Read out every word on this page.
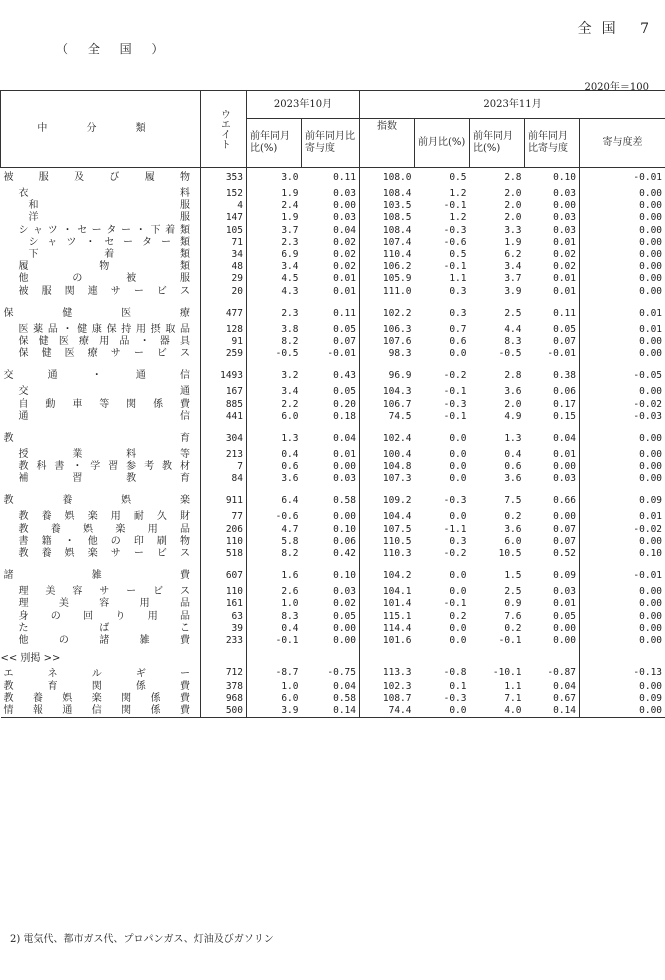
全国 7
（ 全 国 ）
2020年＝100
中 分 類	ウエイト	2023年10月		2023年11月				
		前年同月比(%)	前年同月比寄与度	指数	前月比(%)	前年同月比(%)	前年同月比寄与度	寄与度差
被服及び履物	353	3.0	0.11	108.0	0.5	2.8	0.10	-0.01
衣料	152	1.9	0.03	108.4	1.2	2.0	0.03	0.00
和服	4	2.4	0.00	103.5	-0.1	2.0	0.00	0.00
洋服	147	1.9	0.03	108.5	1.2	2.0	0.03	0.00
シャツ・セーター・下着類	105	3.7	0.04	108.4	-0.3	3.3	0.03	0.00
シャツ・セーター類	71	2.3	0.02	107.4	-0.6	1.9	0.01	0.00
下着類	34	6.9	0.02	110.4	0.5	6.2	0.02	0.00
履物類	48	3.4	0.02	106.2	-0.1	3.4	0.02	0.00
他の被服	29	4.5	0.01	105.9	1.1	3.7	0.01	0.00
被服関連サービス	20	4.3	0.01	111.0	0.3	3.9	0.01	0.00

保健医療	477	2.3	0.11	102.2	0.3	2.5	0.11	0.01
医薬品・健康保持用摂取品	128	3.8	0.05	106.3	0.7	4.4	0.05	0.01
保健医療用品・器具	91	8.2	0.07	107.6	0.6	8.3	0.07	0.00
保健医療サービス	259	-0.5	-0.01	98.3	0.0	-0.5	-0.01	0.00

交通・通信	1493	3.2	0.43	96.9	-0.2	2.8	0.38	-0.05
交通	167	3.4	0.05	104.3	-0.1	3.6	0.06	0.00
自動車等関係費	885	2.2	0.20	106.7	-0.3	2.0	0.17	-0.02
通信	441	6.0	0.18	74.5	-0.1	4.9	0.15	-0.03

教育	304	1.3	0.04	102.4	0.0	1.3	0.04	0.00
授業料等	213	0.4	0.01	100.4	0.0	0.4	0.01	0.00
教科書・学習参考教材	7	0.6	0.00	104.8	0.0	0.6	0.00	0.00
補習教育	84	3.6	0.03	107.3	0.0	3.6	0.03	0.00

教養娯楽	911	6.4	0.58	109.2	-0.3	7.5	0.66	0.09
教養娯楽用耐久財	77	-0.6	0.00	104.4	0.0	0.2	0.00	0.01
教養娯楽用品	206	4.7	0.10	107.5	-1.1	3.6	0.07	-0.02
書籍・他の印刷物	110	5.8	0.06	110.5	0.3	6.0	0.07	0.00
教養娯楽サービス	518	8.2	0.42	110.3	-0.2	10.5	0.52	0.10

諸雑費	607	1.6	0.10	104.2	0.0	1.5	0.09	-0.01
理美容サービス	110	2.6	0.03	104.1	0.0	2.5	0.03	0.00
理美容用品	161	1.0	0.02	101.4	-0.1	0.9	0.01	0.00
身の回り用品	63	8.3	0.05	115.1	0.2	7.6	0.05	0.00
たばこ	39	0.4	0.00	114.4	0.0	0.2	0.00	0.00
他の諸雑費	233	-0.1	0.00	101.6	0.0	-0.1	0.00	0.00

<< 別掲 >>								
エネルギー	712	-8.7	-0.75	113.3	-0.8	-10.1	-0.87	-0.13
教育関係費	378	1.0	0.04	102.3	0.1	1.1	0.04	0.00
教養娯楽関係費	968	6.0	0.58	108.7	-0.3	7.1	0.67	0.09
情報通信関係費	500	3.9	0.14	74.4	0.0	4.0	0.14	0.00
2) 電気代、都市ガス代、プロパンガス、灯油及びガソリン
